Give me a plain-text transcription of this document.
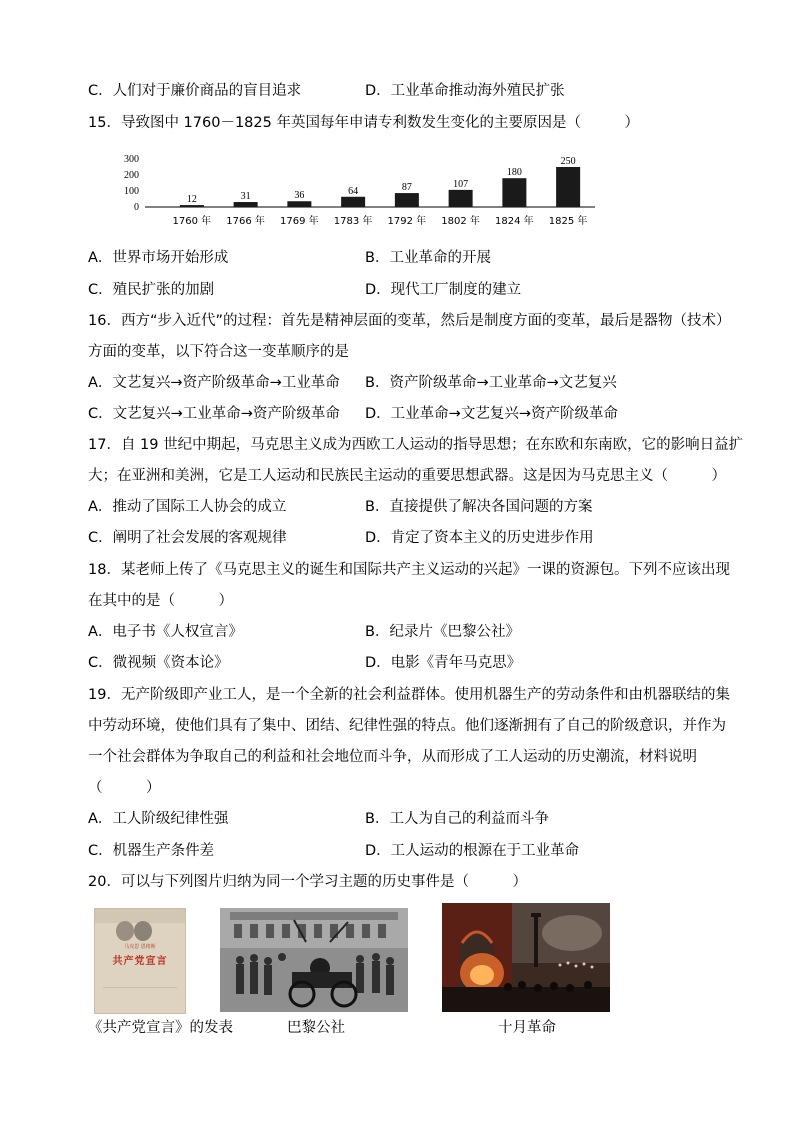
C．人们对于廉价商品的盲目追求	D．工业革命推动海外殖民扩张
15．导致图中 1760－1825 年英国每年申请专利数发生变化的主要原因是（　　　）
0
100
200
300
12	31	36	64	87	107
180
250
1760 年 1766 年 1769 年 1783 年 1792 年 1802 年 1824 年 1825 年
A．世界市场开始形成	B．工业革命的开展
C．殖民扩张的加剧	D．现代工厂制度的建立
16．西方“步入近代”的过程：首先是精神层面的变革，然后是制度方面的变革，最后是器物（技术）
方面的变革，以下符合这一变革顺序的是
A．文艺复兴→资产阶级革命→工业革命 B．资产阶级革命→工业革命→文艺复兴
C．文艺复兴→工业革命→资产阶级革命 D．工业革命→文艺复兴→资产阶级革命
17．自 19 世纪中期起，马克思主义成为西欧工人运动的指导思想；在东欧和东南欧，它的影响日益扩
大；在亚洲和美洲，它是工人运动和民族民主运动的重要思想武器。这是因为马克思主义（　　　）
A．推动了国际工人协会的成立	B．直接提供了解决各国问题的方案
C．阐明了社会发展的客观规律	D．肯定了资本主义的历史进步作用
18．某老师上传了《马克思主义的诞生和国际共产主义运动的兴起》一课的资源包。下列不应该出现
在其中的是（　　　）
A．电子书《人权宣言》	B．纪录片《巴黎公社》
C．微视频《资本论》	D．电影《青年马克思》
19．无产阶级即产业工人，是一个全新的社会利益群体。使用机器生产的劳动条件和由机器联结的集
中劳动环境，使他们具有了集中、团结、纪律性强的特点。他们逐渐拥有了自己的阶级意识，并作为
一个社会群体为争取自己的利益和社会地位而斗争，从而形成了工人运动的历史潮流，材料说明
（　　　）
A．工人阶级纪律性强	B．工人为自己的利益而斗争
C．机器生产条件差	D．工人运动的根源在于工业革命
20．可以与下列图片归纳为同一个学习主题的历史事件是（　　　）
马克思 恩格斯
共产党宣言
《共产党宣言》的发表	巴黎公社	十月革命
